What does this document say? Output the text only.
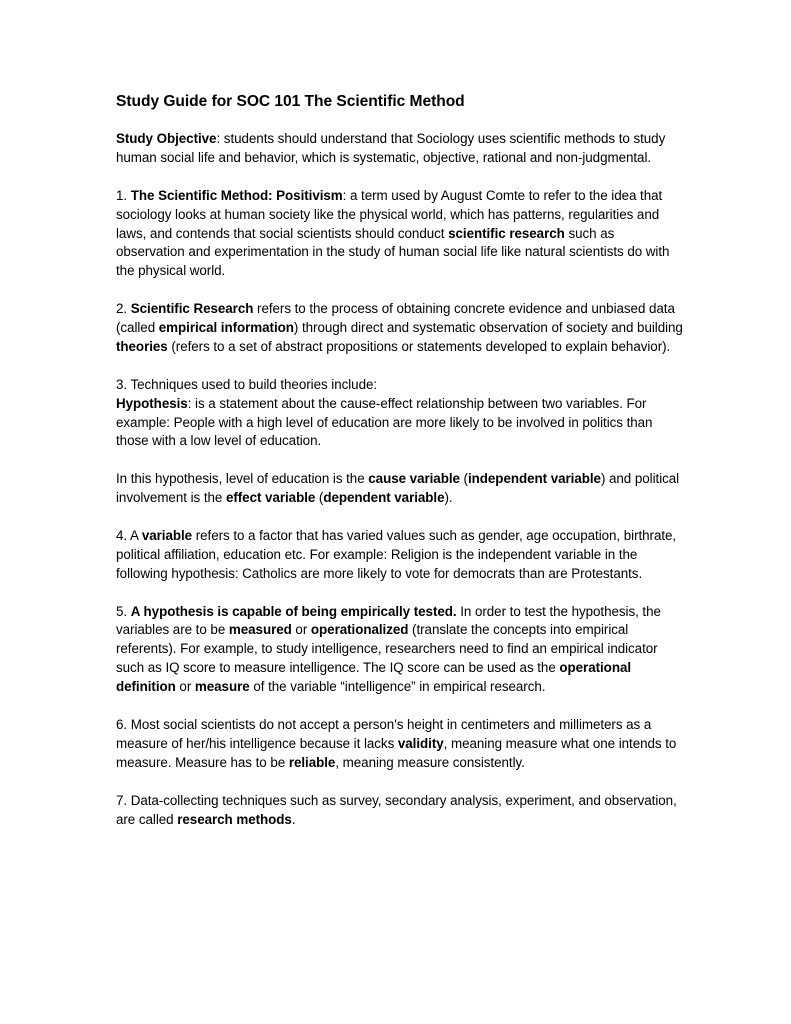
Study Guide for SOC 101 The Scientific Method

Study Objective: students should understand that Sociology uses scientific methods to study human social life and behavior, which is systematic, objective, rational and non-judgmental.

1. The Scientific Method: Positivism: a term used by August Comte to refer to the idea that sociology looks at human society like the physical world, which has patterns, regularities and laws, and contends that social scientists should conduct scientific research such as observation and experimentation in the study of human social life like natural scientists do with the physical world.

2. Scientific Research refers to the process of obtaining concrete evidence and unbiased data (called empirical information) through direct and systematic observation of society and building theories (refers to a set of abstract propositions or statements developed to explain behavior).

3. Techniques used to build theories include:
Hypothesis: is a statement about the cause-effect relationship between two variables. For example: People with a high level of education are more likely to be involved in politics than those with a low level of education.

In this hypothesis, level of education is the cause variable (independent variable) and political involvement is the effect variable (dependent variable).

4. A variable refers to a factor that has varied values such as gender, age occupation, birthrate, political affiliation, education etc. For example: Religion is the independent variable in the following hypothesis: Catholics are more likely to vote for democrats than are Protestants.

5. A hypothesis is capable of being empirically tested. In order to test the hypothesis, the variables are to be measured or operationalized (translate the concepts into empirical referents). For example, to study intelligence, researchers need to find an empirical indicator such as IQ score to measure intelligence. The IQ score can be used as the operational definition or measure of the variable “intelligence” in empirical research.

6. Most social scientists do not accept a person's height in centimeters and millimeters as a measure of her/his intelligence because it lacks validity, meaning measure what one intends to measure. Measure has to be reliable, meaning measure consistently.

7. Data-collecting techniques such as survey, secondary analysis, experiment, and observation, are called research methods.
